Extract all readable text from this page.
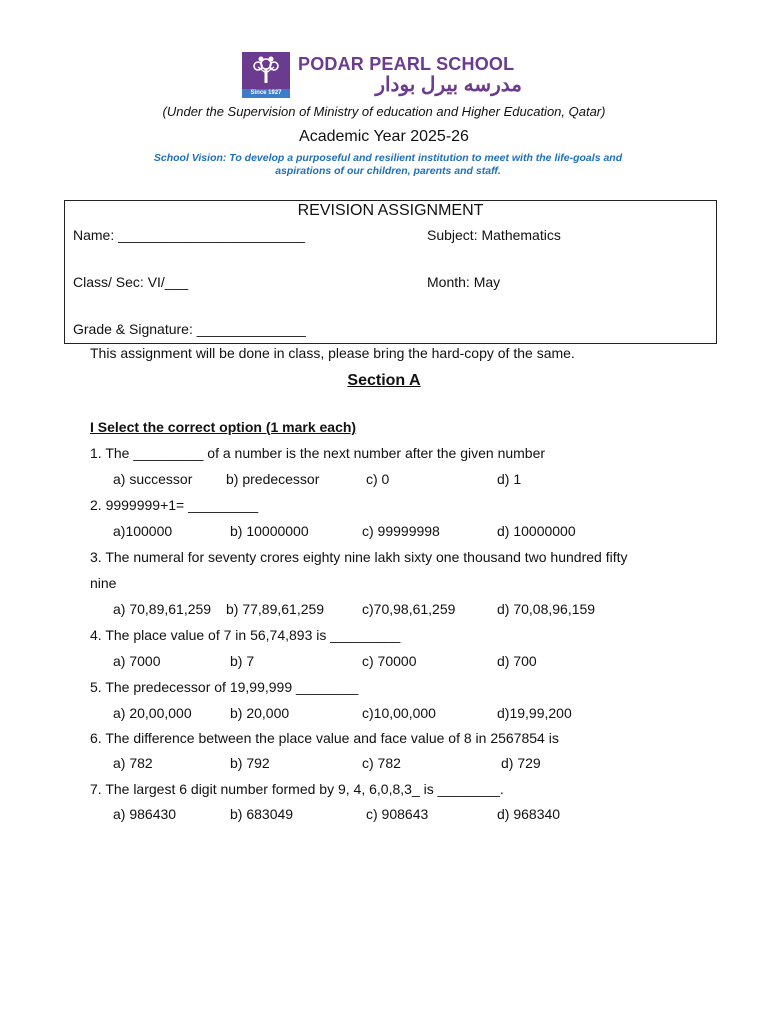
Since 1927
PODAR PEARL SCHOOL
مدرسه بيرل بودار
(Under the Supervision of Ministry of education and Higher Education, Qatar)
Academic Year 2025-26
School Vision: To develop a purposeful and resilient institution to meet with the life-goals and
aspirations of our children, parents and staff.
REVISION ASSIGNMENT
Name: ________________________	Subject: Mathematics
Class/ Sec: VI/___	Month: May
Grade & Signature: ______________
This assignment will be done in class, please bring the hard-copy of the same.
Section A
I Select the correct option (1 mark each)
1. The _________ of a number is the next number after the given number
a) successor b) predecessor	c) 0	d) 1
2. 9999999+1= _________
a)100000	b) 10000000	c) 99999998	d) 10000000
3. The numeral for seventy crores eighty nine lakh sixty one thousand two hundred fifty
nine
a) 70,89,61,259 b) 77,89,61,259	c)70,98,61,259	d) 70,08,96,159
4. The place value of 7 in 56,74,893 is _________
a) 7000	b) 7	c) 70000	d) 700
5. The predecessor of 19,99,999 ________
a) 20,00,000	b) 20,000	c)10,00,000	d)19,99,200
6. The difference between the place value and face value of 8 in 2567854 is
a) 782	b) 792	c) 782	d) 729
7. The largest 6 digit number formed by 9, 4, 6,0,8,3_ is ________.
a) 986430	b) 683049	c) 908643	d) 968340
